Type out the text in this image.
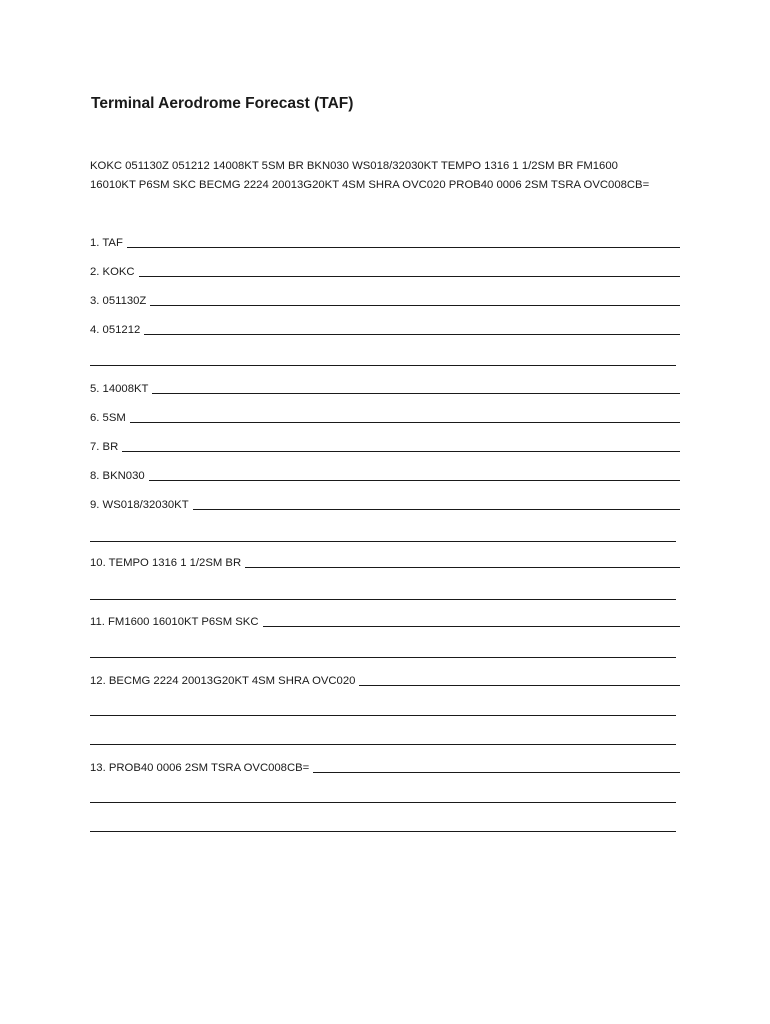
Terminal Aerodrome Forecast (TAF)
KOKC 051130Z 051212 14008KT 5SM BR BKN030 WS018/32030KT TEMPO 1316 1 1/2SM BR FM1600
16010KT P6SM SKC BECMG 2224 20013G20KT 4SM SHRA OVC020 PROB40 0006 2SM TSRA OVC008CB=
1. TAF
2. KOKC
3. 051130Z
4. 051212
5. 14008KT
6. 5SM
7. BR
8. BKN030
9. WS018/32030KT
10. TEMPO 1316 1 1/2SM BR
11. FM1600 16010KT P6SM SKC
12. BECMG 2224 20013G20KT 4SM SHRA OVC020
13. PROB40 0006 2SM TSRA OVC008CB=
